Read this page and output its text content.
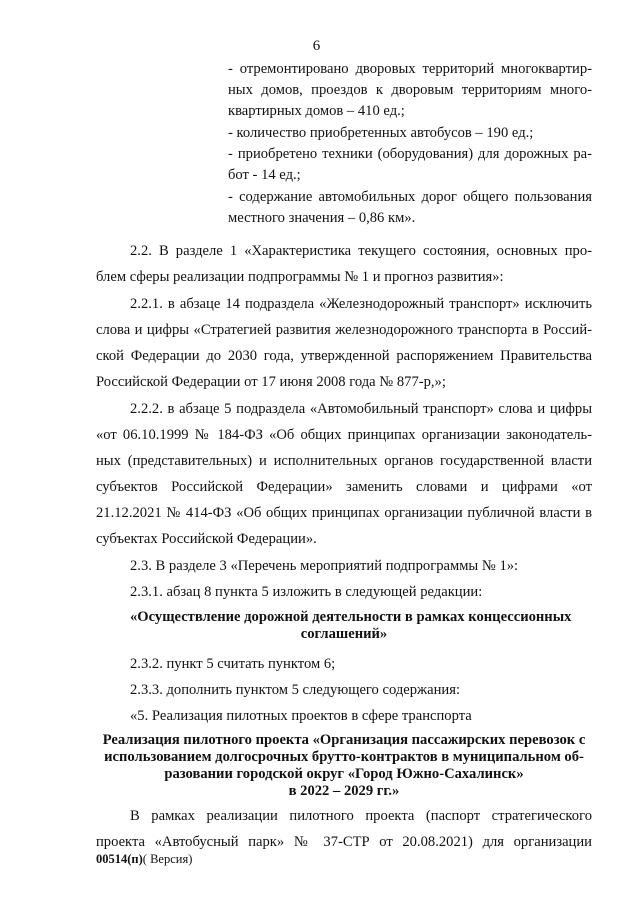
6
- отремонтировано дворовых территорий многоквартир-
ных домов, проездов к дворовым территориям много-
квартирных домов – 410 ед.;
- количество приобретенных автобусов – 190 ед.;
- приобретено техники (оборудования) для дорожных ра-
бот - 14 ед.;
- содержание автомобильных дорог общего пользования
местного значения – 0,86 км».
2.2. В разделе 1 «Характеристика текущего состояния, основных про-
блем сферы реализации подпрограммы № 1 и прогноз развития»:
2.2.1. в абзаце 14 подраздела «Железнодорожный транспорт» исключить
слова и цифры «Стратегией развития железнодорожного транспорта в Россий-
ской Федерации до 2030 года, утвержденной распоряжением Правительства
Российской Федерации от 17 июня 2008 года № 877-р,»;
2.2.2. в абзаце 5 подраздела «Автомобильный транспорт» слова и цифры
«от 06.10.1999 № 184-ФЗ «Об общих принципах организации законодатель-
ных (представительных) и исполнительных органов государственной власти
субъектов Российской Федерации» заменить словами и цифрами «от
21.12.2021 № 414-ФЗ «Об общих принципах организации публичной власти в
субъектах Российской Федерации».
2.3. В разделе 3 «Перечень мероприятий подпрограммы № 1»:
2.3.1. абзац 8 пункта 5 изложить в следующей редакции:
«Осуществление дорожной деятельности в рамках концессионных
соглашений»
2.3.2. пункт 5 считать пунктом 6;
2.3.3. дополнить пунктом 5 следующего содержания:
«5. Реализация пилотных проектов в сфере транспорта
Реализация пилотного проекта «Организация пассажирских перевозок с
использованием долгосрочных брутто-контрактов в муниципальном об-
разовании городской округ «Город Южно-Сахалинск»
в 2022 – 2029 гг.»
В рамках реализации пилотного проекта (паспорт стратегического
проекта «Автобусный парк» № 37-СТР от 20.08.2021) для организации
00514(п)( Версия)
